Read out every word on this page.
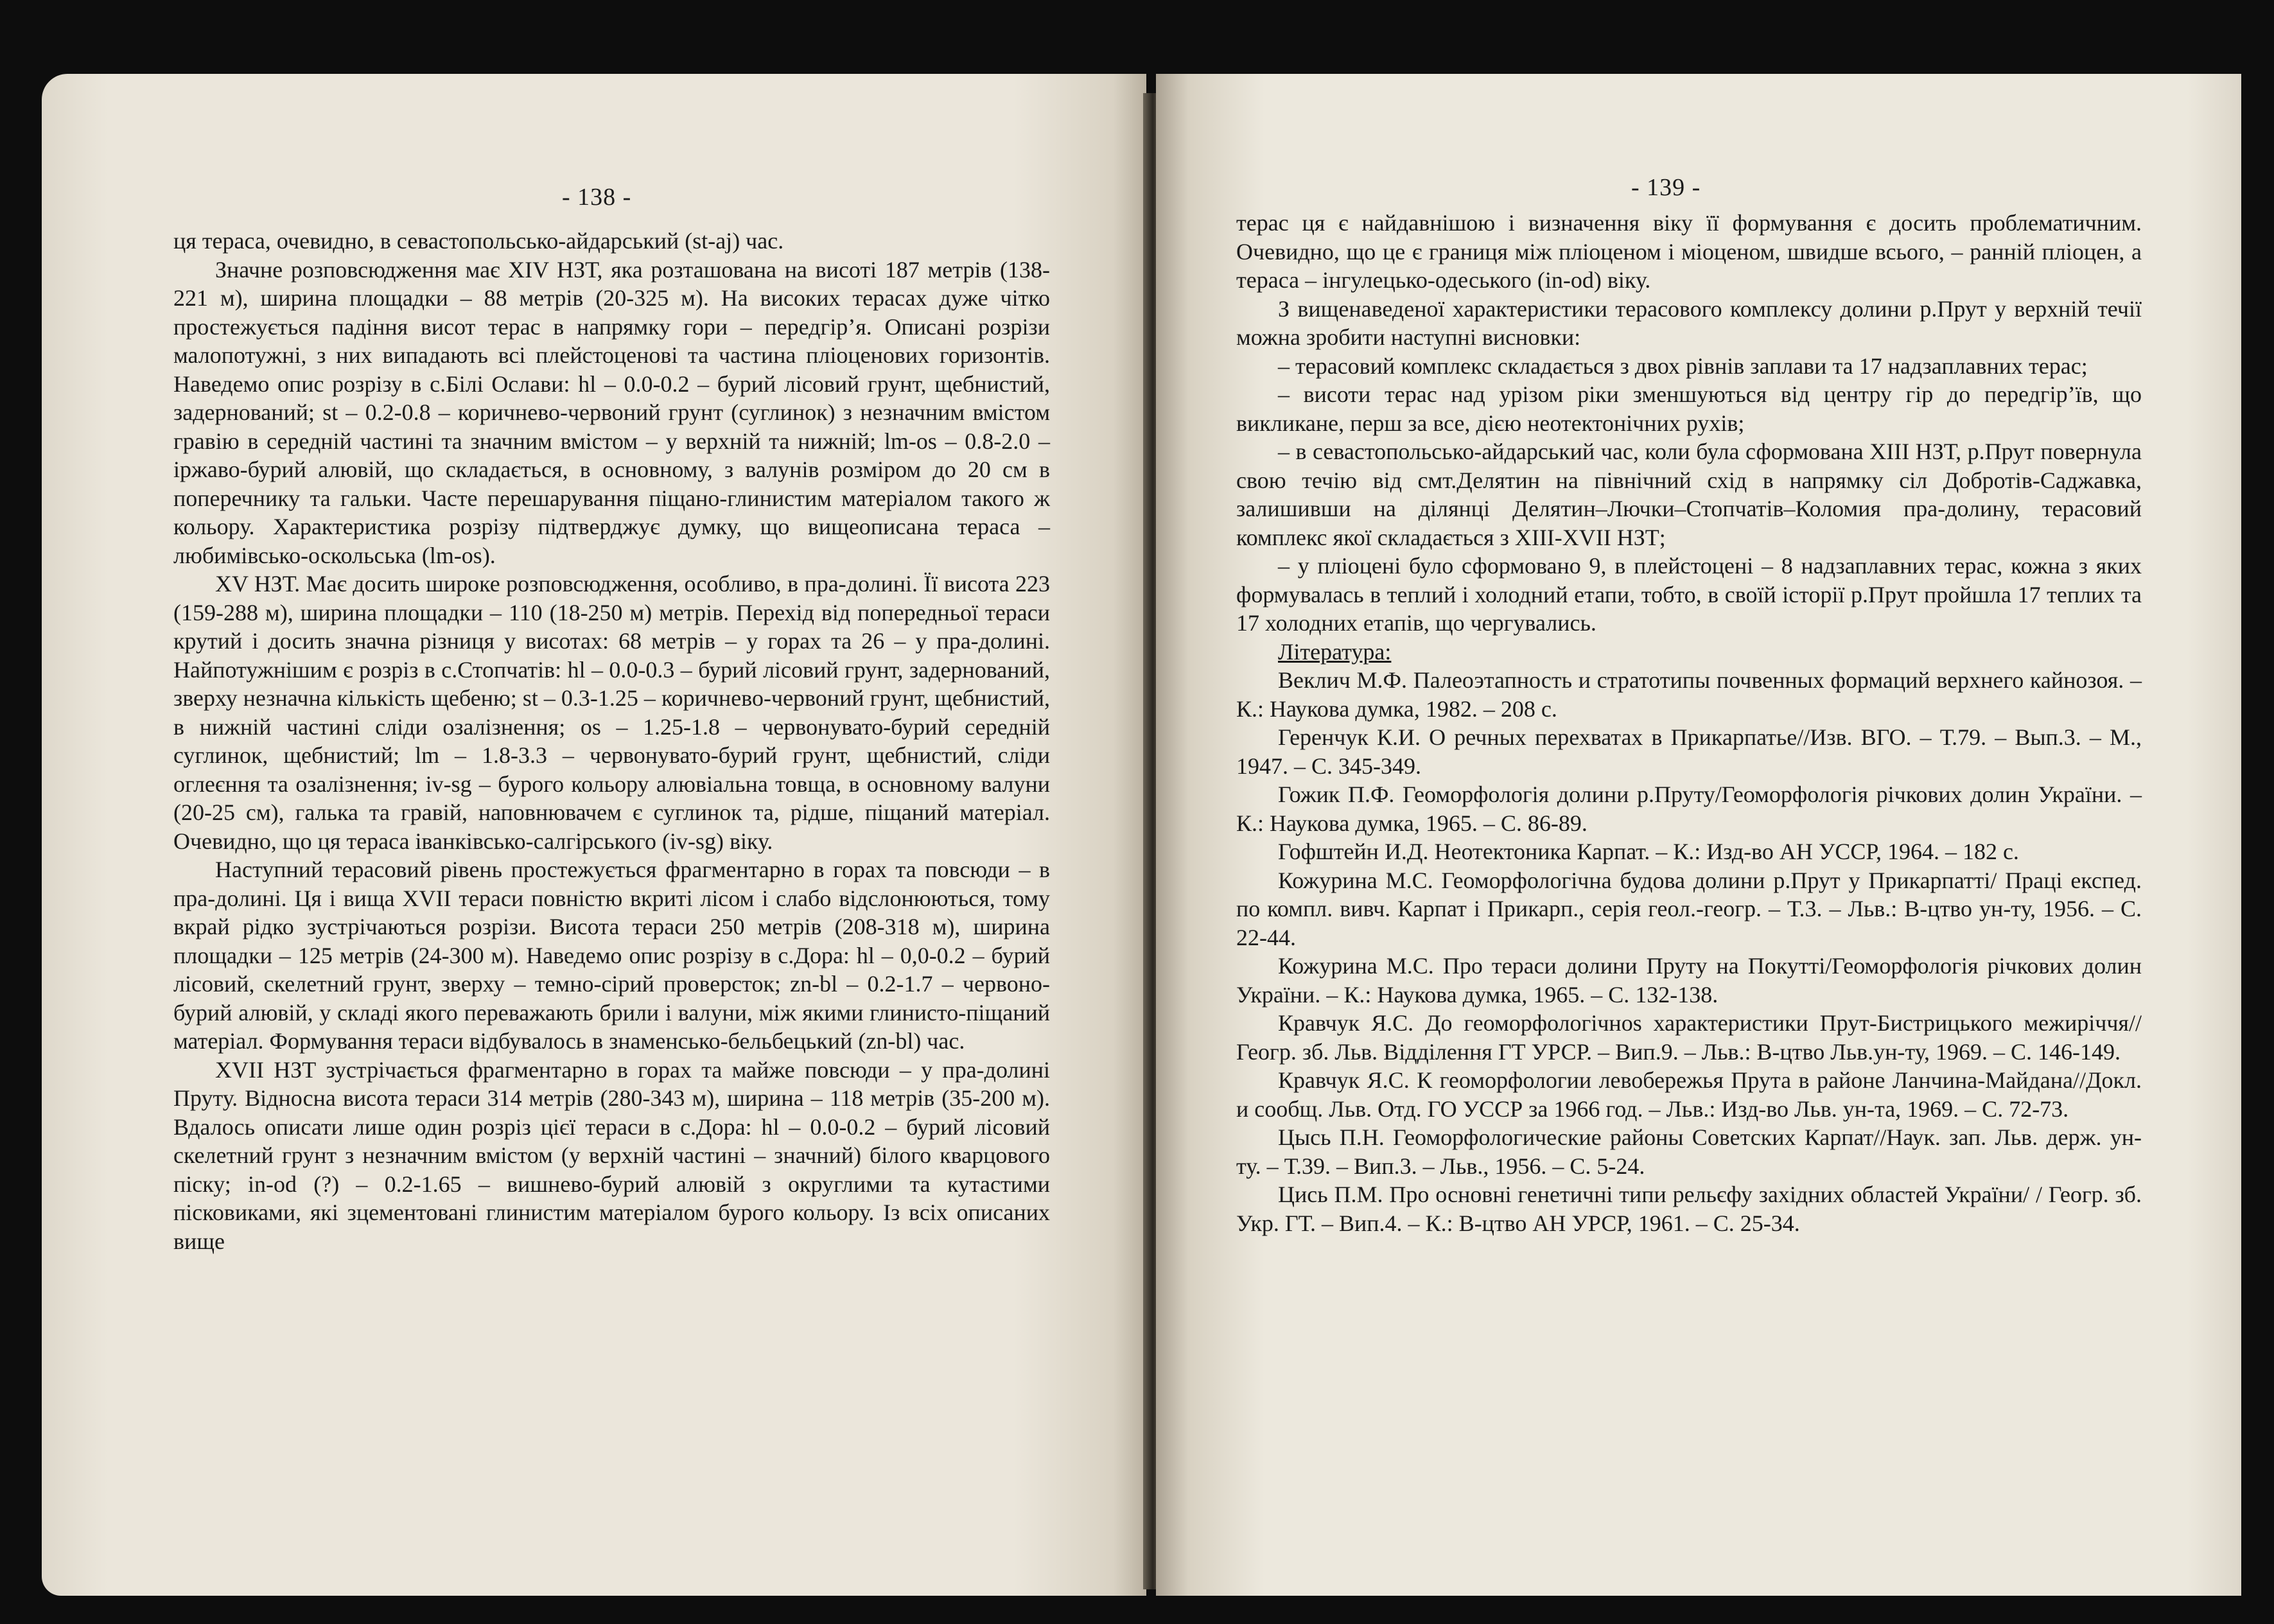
- 138 -

ця тераса, очевидно, в севастопольсько-айдарський (st-aj) час.

Значне розповсюдження має XIV НЗТ, яка розташована на висоті 187 метрів (138-221 м), ширина площадки – 88 метрів (20-325 м). На високих терасах дуже чітко простежується падіння висот терас в напрямку гори – передгір’я. Описані розрізи малопотужні, з них випадають всі плейстоценові та частина пліоценових горизонтів. Наведемо опис розрізу в с.Білі Ослави: hl – 0.0-0.2 – бурий лісовий грунт, щебнистий, задернований; st – 0.2-0.8 – коричнево-червоний грунт (суглинок) з незначним вмістом гравію в середній частині та значним вмістом – у верхній та нижній; lm-os – 0.8-2.0 – іржаво-бурий алювій, що складається, в основному, з валунів розміром до 20 см в поперечнику та гальки. Часте перешарування піщано-глинистим матеріалом такого ж кольору. Характеристика розрізу підтверджує думку, що вищеописана тераса – любимівсько-оскольська (lm-os).

XV НЗТ. Має досить широке розповсюдження, особливо, в пра-долині. Її висота 223 (159-288 м), ширина площадки – 110 (18-250 м) метрів. Перехід від попередньої тераси крутий і досить значна різниця у висотах: 68 метрів – у горах та 26 – у пра-долині. Найпотужнішим є розріз в с.Стопчатів: hl – 0.0-0.3 – бурий лісовий грунт, задернований, зверху незначна кількість щебеню; st – 0.3-1.25 – коричнево-червоний грунт, щебнистий, в нижній частині сліди озалізнення; os – 1.25-1.8 – червонувато-бурий середній суглинок, щебнистий; lm – 1.8-3.3 – червонувато-бурий грунт, щебнистий, сліди оглеєння та озалізнення; iv-sg – бурого кольору алювіальна товща, в основному валуни (20-25 см), галька та гравій, наповнювачем є суглинок та, рідше, піщаний матеріал. Очевидно, що ця тераса іванківсько-салгірського (iv-sg) віку.

Наступний терасовий рівень простежується фрагментарно в горах та повсюди – в пра-долині. Ця і вища XVII тераси повністю вкриті лісом і слабо відслонюються, тому вкрай рідко зустрічаються розрізи. Висота тераси 250 метрів (208-318 м), ширина площадки – 125 метрів (24-300 м). Наведемо опис розрізу в с.Дора: hl – 0,0-0.2 – бурий лісовий, скелетний грунт, зверху – темно-сірий проверсток; zn-bl – 0.2-1.7 – червоно-бурий алювій, у складі якого переважають брили і валуни, між якими глинисто-піщаний матеріал. Формування тераси відбувалось в знаменсько-бельбецький (zn-bl) час.

XVII НЗТ зустрічається фрагментарно в горах та майже повсюди – у пра-долині Пруту. Відносна висота тераси 314 метрів (280-343 м), ширина – 118 метрів (35-200 м). Вдалось описати лише один розріз цієї тераси в с.Дора: hl – 0.0-0.2 – бурий лісовий скелетний грунт з незначним вмістом (у верхній частині – значний) білого кварцового піску; in-od (?) – 0.2-1.65 – вишнево-бурий алювій з округлими та кутастими пісковиками, які зцементовані глинистим матеріалом бурого кольору. Із всіх описаних вище

- 139 -

терас ця є найдавнішою і визначення віку її формування є досить проблематичним. Очевидно, що це є границя між пліоценом і міоценом, швидше всього, – ранній пліоцен, а тераса – інгулецько-одеського (in-od) віку.

З вищенаведеної характеристики терасового комплексу долини р.Прут у верхній течії можна зробити наступні висновки:

– терасовий комплекс складається з двох рівнів заплави та 17 надзаплавних терас;

– висоти терас над урізом ріки зменшуються від центру гір до передгір’їв, що викликане, перш за все, дією неотектонічних рухів;

– в севастопольсько-айдарський час, коли була сформована XIII НЗТ, р.Прут повернула свою течію від смт.Делятин на північний схід в напрямку сіл Добротів-Саджавка, залишивши на ділянці Делятин–Лючки–Стопчатів–Коломия пра-долину, терасовий комплекс якої складається з XIII-XVII НЗТ;

– у пліоцені було сформовано 9, в плейстоцені – 8 надзаплавних терас, кожна з яких формувалась в теплий і холодний етапи, тобто, в своїй історії р.Прут пройшла 17 теплих та 17 холодних етапів, що чергувались.

Література:

Веклич М.Ф. Палеоэтапность и стратотипы почвенных формаций верхнего кайнозоя. – К.: Наукова думка, 1982. – 208 с.

Геренчук К.И. О речных перехватах в Прикарпатье//Изв. ВГО. – Т.79. – Вып.3. – М., 1947. – С. 345-349.

Гожик П.Ф. Геоморфологія долини р.Пруту/Геоморфологія річкових долин України. – К.: Наукова думка, 1965. – С. 86-89.

Гофштейн И.Д. Неотектоника Карпат. – К.: Изд-во АН УССР, 1964. – 182 с.

Кожурина М.С. Геоморфологічна будова долини р.Прут у Прикарпатті/ Праці експед. по компл. вивч. Карпат і Прикарп., серія геол.-геогр. – Т.3. – Льв.: В-цтво ун-ту, 1956. – С. 22-44.

Кожурина М.С. Про тераси долини Пруту на Покутті/Геоморфологія річкових долин України. – К.: Наукова думка, 1965. – С. 132-138.

Кравчук Я.С. До геоморфологічноs характеристики Прут-Бистрицького межиріччя//Геогр. зб. Льв. Відділення ГТ УРСР. – Вип.9. – Льв.: В-цтво Льв.ун-ту, 1969. – С. 146-149.

Кравчук Я.С. К геоморфологии левобережья Прута в районе Ланчина-Майдана//Докл. и сообщ. Льв. Отд. ГО УССР за 1966 год. – Льв.: Изд-во Льв. ун-та, 1969. – С. 72-73.

Цысь П.Н. Геоморфологические районы Советских Карпат//Наук. зап. Льв. держ. ун-ту. – Т.39. – Вип.3. – Льв., 1956. – С. 5-24.

Цись П.М. Про основні генетичні типи рельєфу західних областей України/ / Геогр. зб. Укр. ГТ. – Вип.4. – К.: В-цтво АН УРСР, 1961. – С. 25-34.
